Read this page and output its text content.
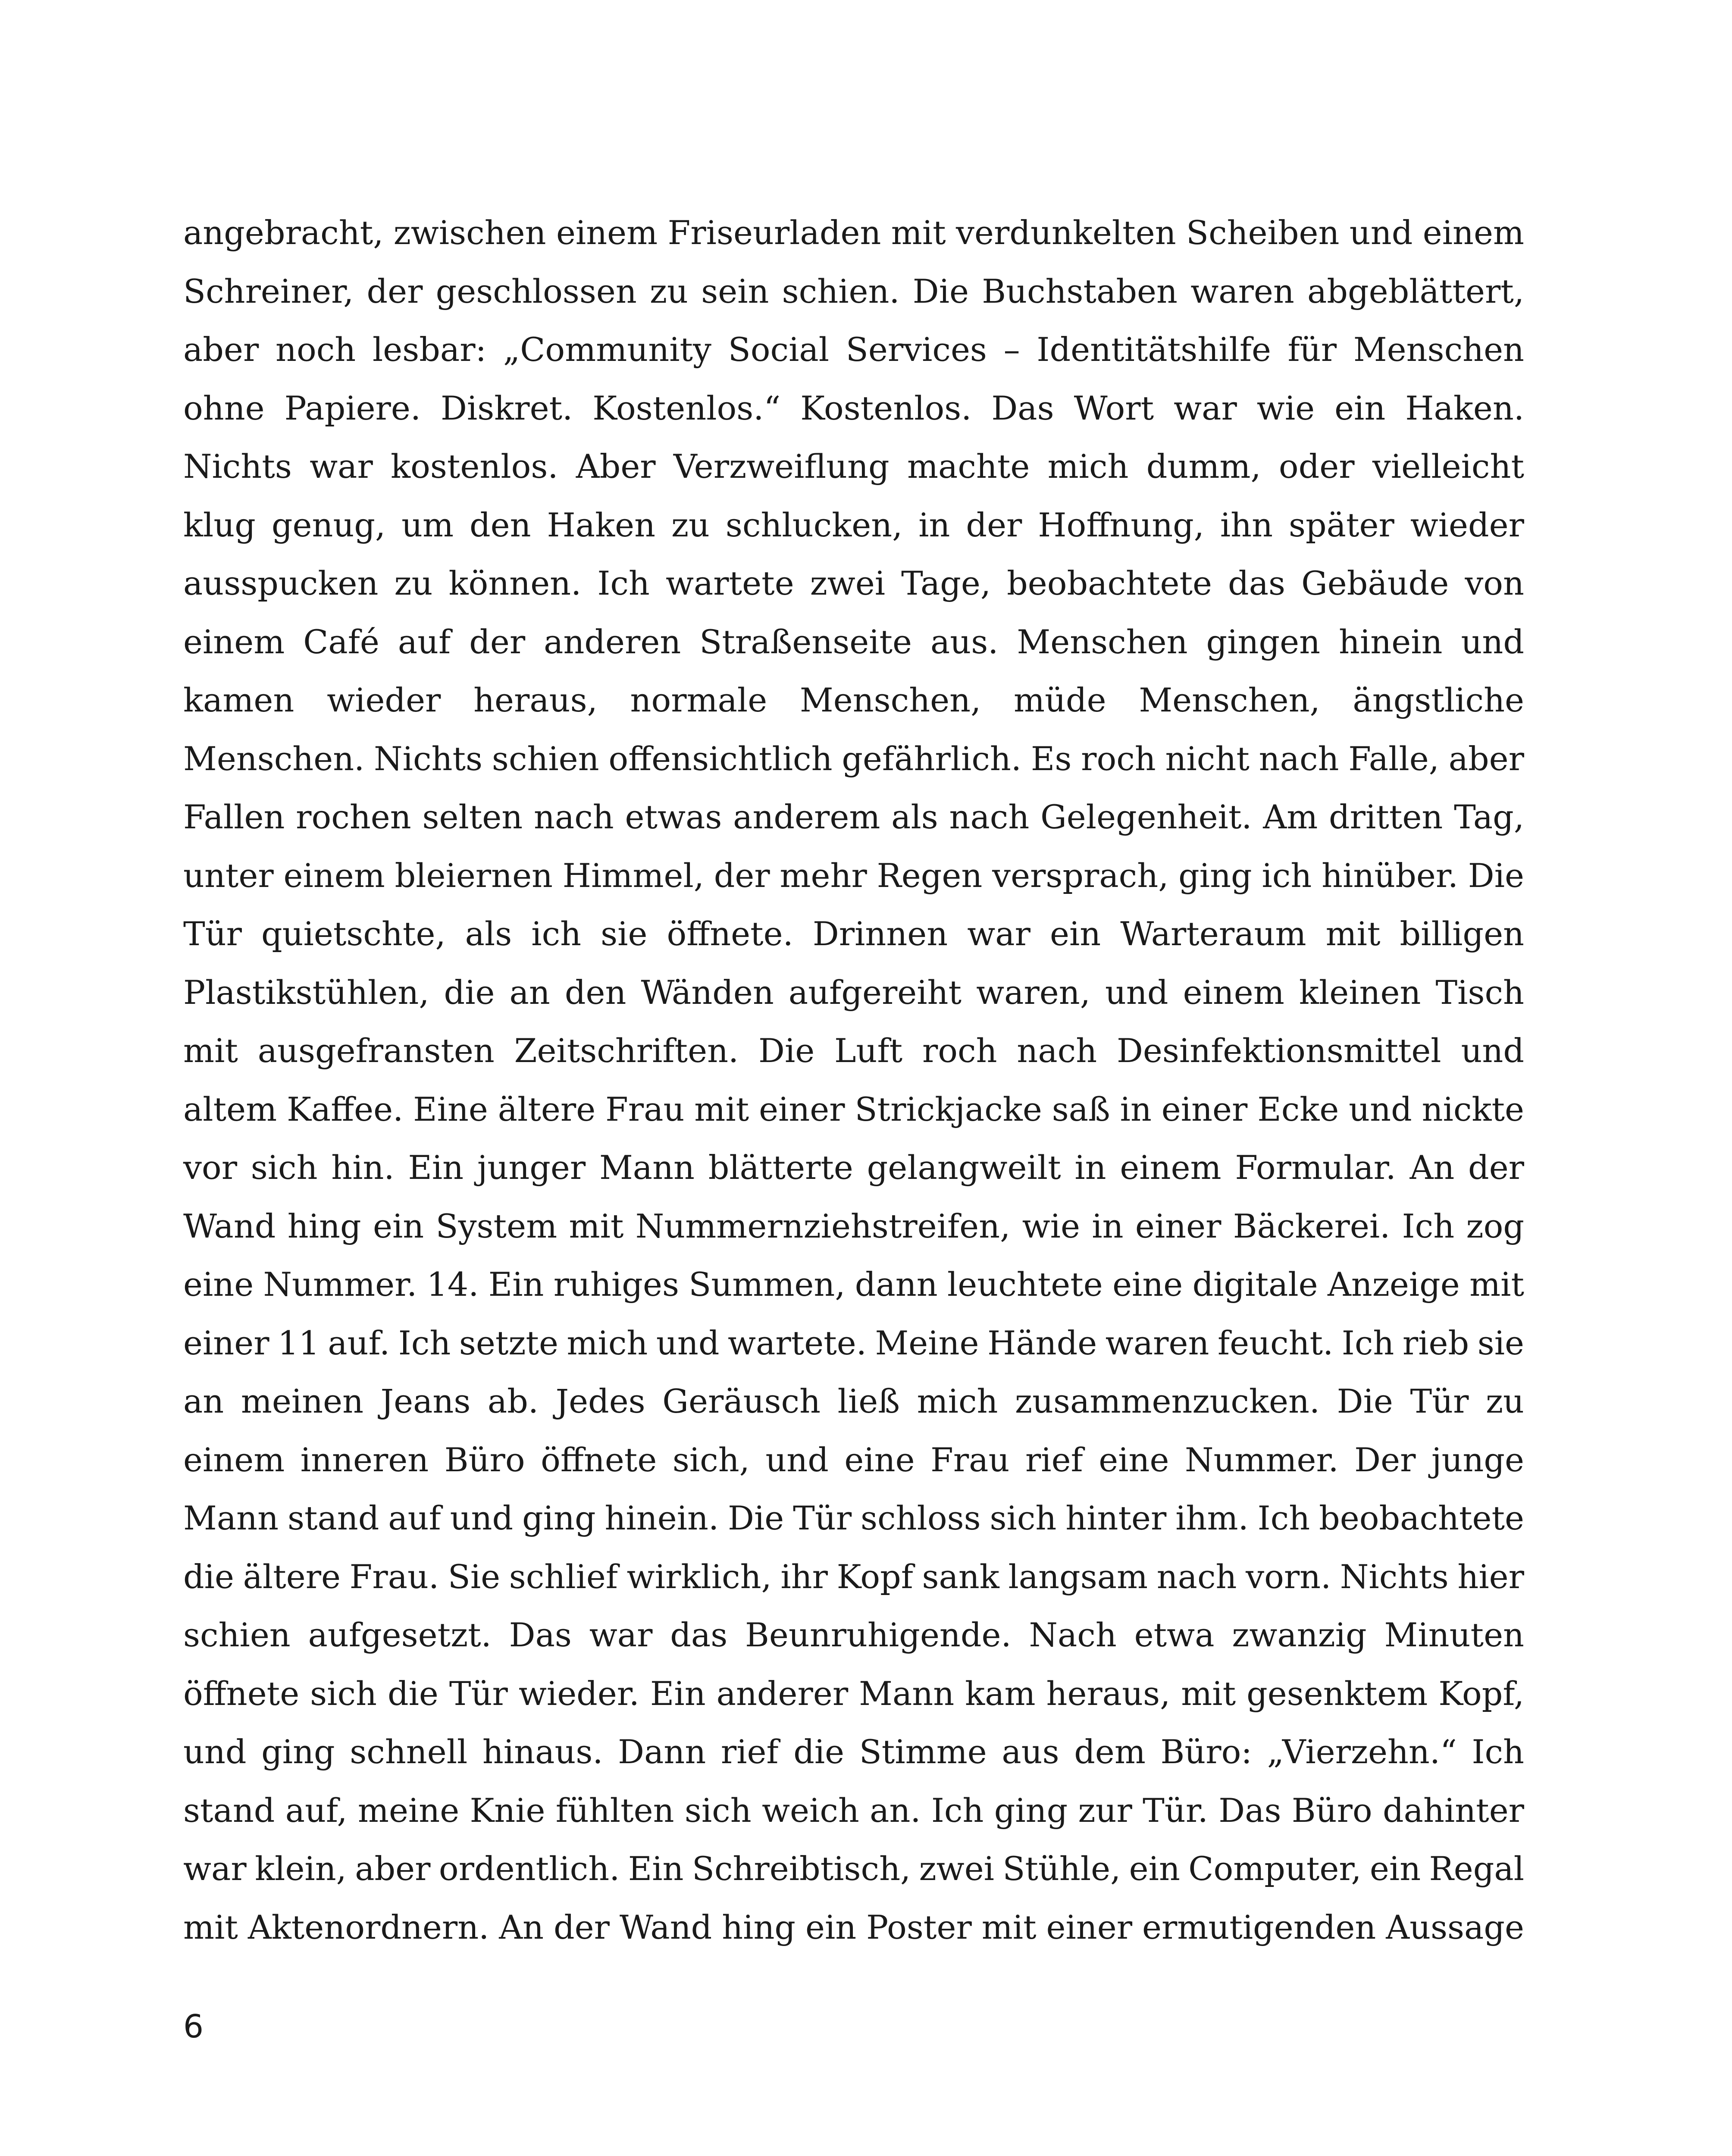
angebracht, zwischen einem Friseurladen mit verdunkelten Scheiben und einem
Schreiner, der geschlossen zu sein schien. Die Buchstaben waren abgeblättert,
aber noch lesbar: „Community Social Services – Identitätshilfe für Menschen
ohne Papiere. Diskret. Kostenlos.“ Kostenlos. Das Wort war wie ein Haken.
Nichts war kostenlos. Aber Verzweiflung machte mich dumm, oder vielleicht
klug genug, um den Haken zu schlucken, in der Hoffnung, ihn später wieder
ausspucken zu können. Ich wartete zwei Tage, beobachtete das Gebäude von
einem Café auf der anderen Straßenseite aus. Menschen gingen hinein und
kamen wieder heraus, normale Menschen, müde Menschen, ängstliche
Menschen. Nichts schien offensichtlich gefährlich. Es roch nicht nach Falle, aber
Fallen rochen selten nach etwas anderem als nach Gelegenheit. Am dritten Tag,
unter einem bleiernen Himmel, der mehr Regen versprach, ging ich hinüber. Die
Tür quietschte, als ich sie öffnete. Drinnen war ein Warteraum mit billigen
Plastikstühlen, die an den Wänden aufgereiht waren, und einem kleinen Tisch
mit ausgefransten Zeitschriften. Die Luft roch nach Desinfektionsmittel und
altem Kaffee. Eine ältere Frau mit einer Strickjacke saß in einer Ecke und nickte
vor sich hin. Ein junger Mann blätterte gelangweilt in einem Formular. An der
Wand hing ein System mit Nummernziehstreifen, wie in einer Bäckerei. Ich zog
eine Nummer. 14. Ein ruhiges Summen, dann leuchtete eine digitale Anzeige mit
einer 11 auf. Ich setzte mich und wartete. Meine Hände waren feucht. Ich rieb sie
an meinen Jeans ab. Jedes Geräusch ließ mich zusammenzucken. Die Tür zu
einem inneren Büro öffnete sich, und eine Frau rief eine Nummer. Der junge
Mann stand auf und ging hinein. Die Tür schloss sich hinter ihm. Ich beobachtete
die ältere Frau. Sie schlief wirklich, ihr Kopf sank langsam nach vorn. Nichts hier
schien aufgesetzt. Das war das Beunruhigende. Nach etwa zwanzig Minuten
öffnete sich die Tür wieder. Ein anderer Mann kam heraus, mit gesenktem Kopf,
und ging schnell hinaus. Dann rief die Stimme aus dem Büro: „Vierzehn.“ Ich
stand auf, meine Knie fühlten sich weich an. Ich ging zur Tür. Das Büro dahinter
war klein, aber ordentlich. Ein Schreibtisch, zwei Stühle, ein Computer, ein Regal
mit Aktenordnern. An der Wand hing ein Poster mit einer ermutigenden Aussage
6
